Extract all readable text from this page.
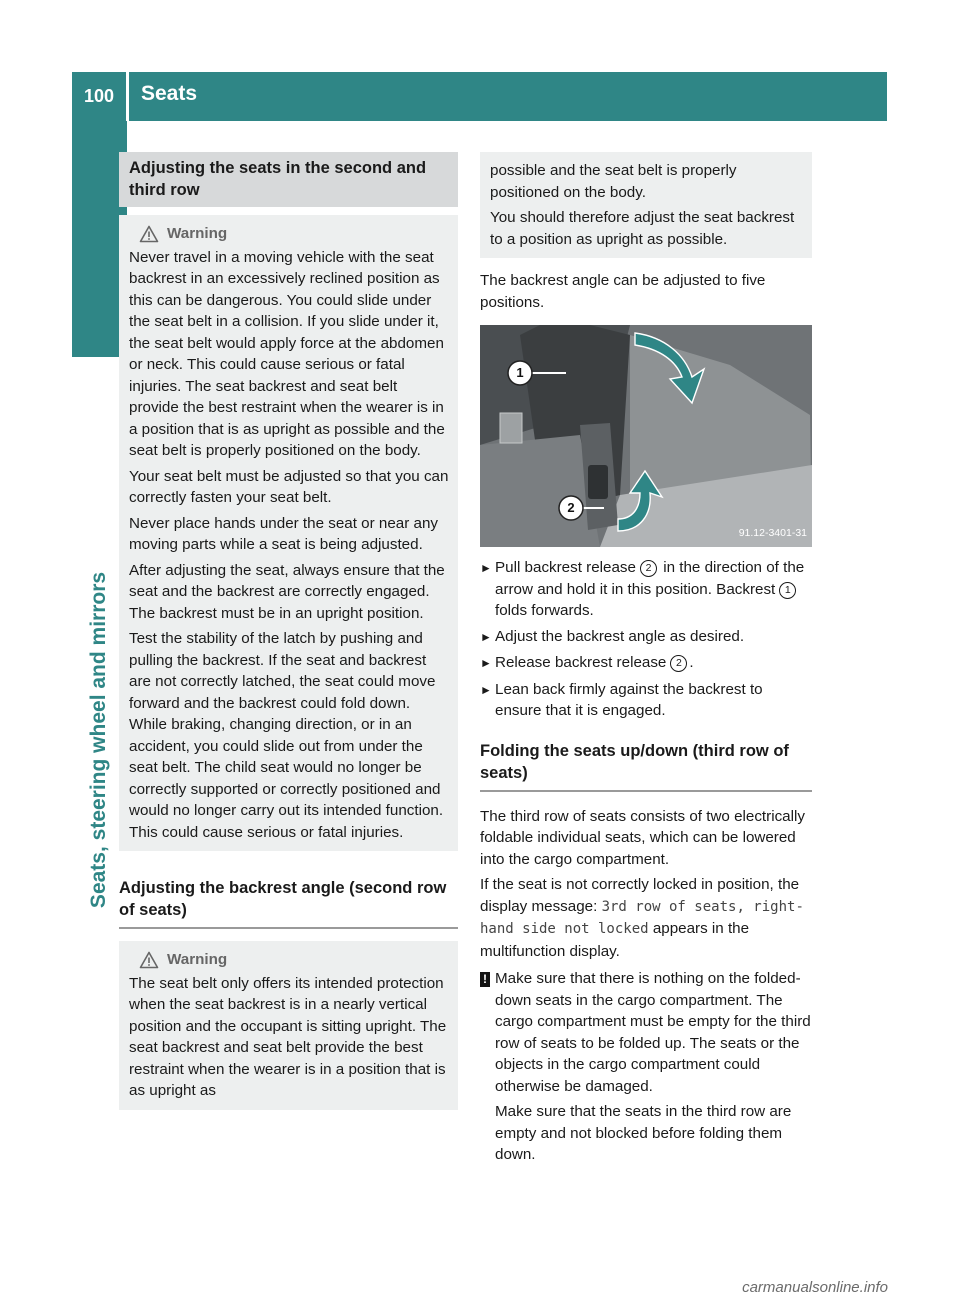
100	Seats
Seats, steering wheel and mirrors
Adjusting the seats in the second and third row
Warning

Never travel in a moving vehicle with the seat backrest in an excessively reclined position as this can be dangerous. You could slide under the seat belt in a collision. If you slide under it, the seat belt would apply force at the abdomen or neck. This could cause serious or fatal injuries. The seat backrest and seat belt provide the best restraint when the wearer is in a position that is as upright as possible and the seat belt is properly positioned on the body.

Your seat belt must be adjusted so that you can correctly fasten your seat belt.

Never place hands under the seat or near any moving parts while a seat is being adjusted.

After adjusting the seat, always ensure that the seat and the backrest are correctly engaged. The backrest must be in an upright position.

Test the stability of the latch by pushing and pulling the backrest. If the seat and backrest are not correctly latched, the seat could move forward and the backrest could fold down. While braking, changing direction, or in an accident, you could slide out from under the seat belt. The child seat would no longer be correctly supported or correctly positioned and would no longer carry out its intended function. This could cause serious or fatal injuries.

Adjusting the backrest angle (second row of seats)
Warning

The seat belt only offers its intended protection when the seat backrest is in a nearly vertical position and the occupant is sitting upright. The seat backrest and seat belt provide the best restraint when the wearer is in a position that is as upright as

possible and the seat belt is properly positioned on the body.

You should therefore adjust the seat backrest to a position as upright as possible.

The backrest angle can be adjusted to five positions.

1
2
91.12-3401-31
► Pull backrest release 2 in the direction of the arrow and hold it in this position. Backrest 1 folds forwards.
► Adjust the backrest angle as desired.
► Release backrest release 2 .
► Lean back firmly against the backrest to ensure that it is engaged.
Folding the seats up/down (third row of seats)

The third row of seats consists of two electrically foldable individual seats, which can be lowered into the cargo compartment.

If the seat is not correctly locked in position, the display message: 3rd row of seats, right-hand side not locked appears in the multifunction display.

! Make sure that there is nothing on the folded-down seats in the cargo compartment. The cargo compartment must be empty for the third row of seats to be folded up. The seats or the objects in the cargo compartment could otherwise be damaged.

Make sure that the seats in the third row are empty and not blocked before folding them down.

carmanualsonline.info
